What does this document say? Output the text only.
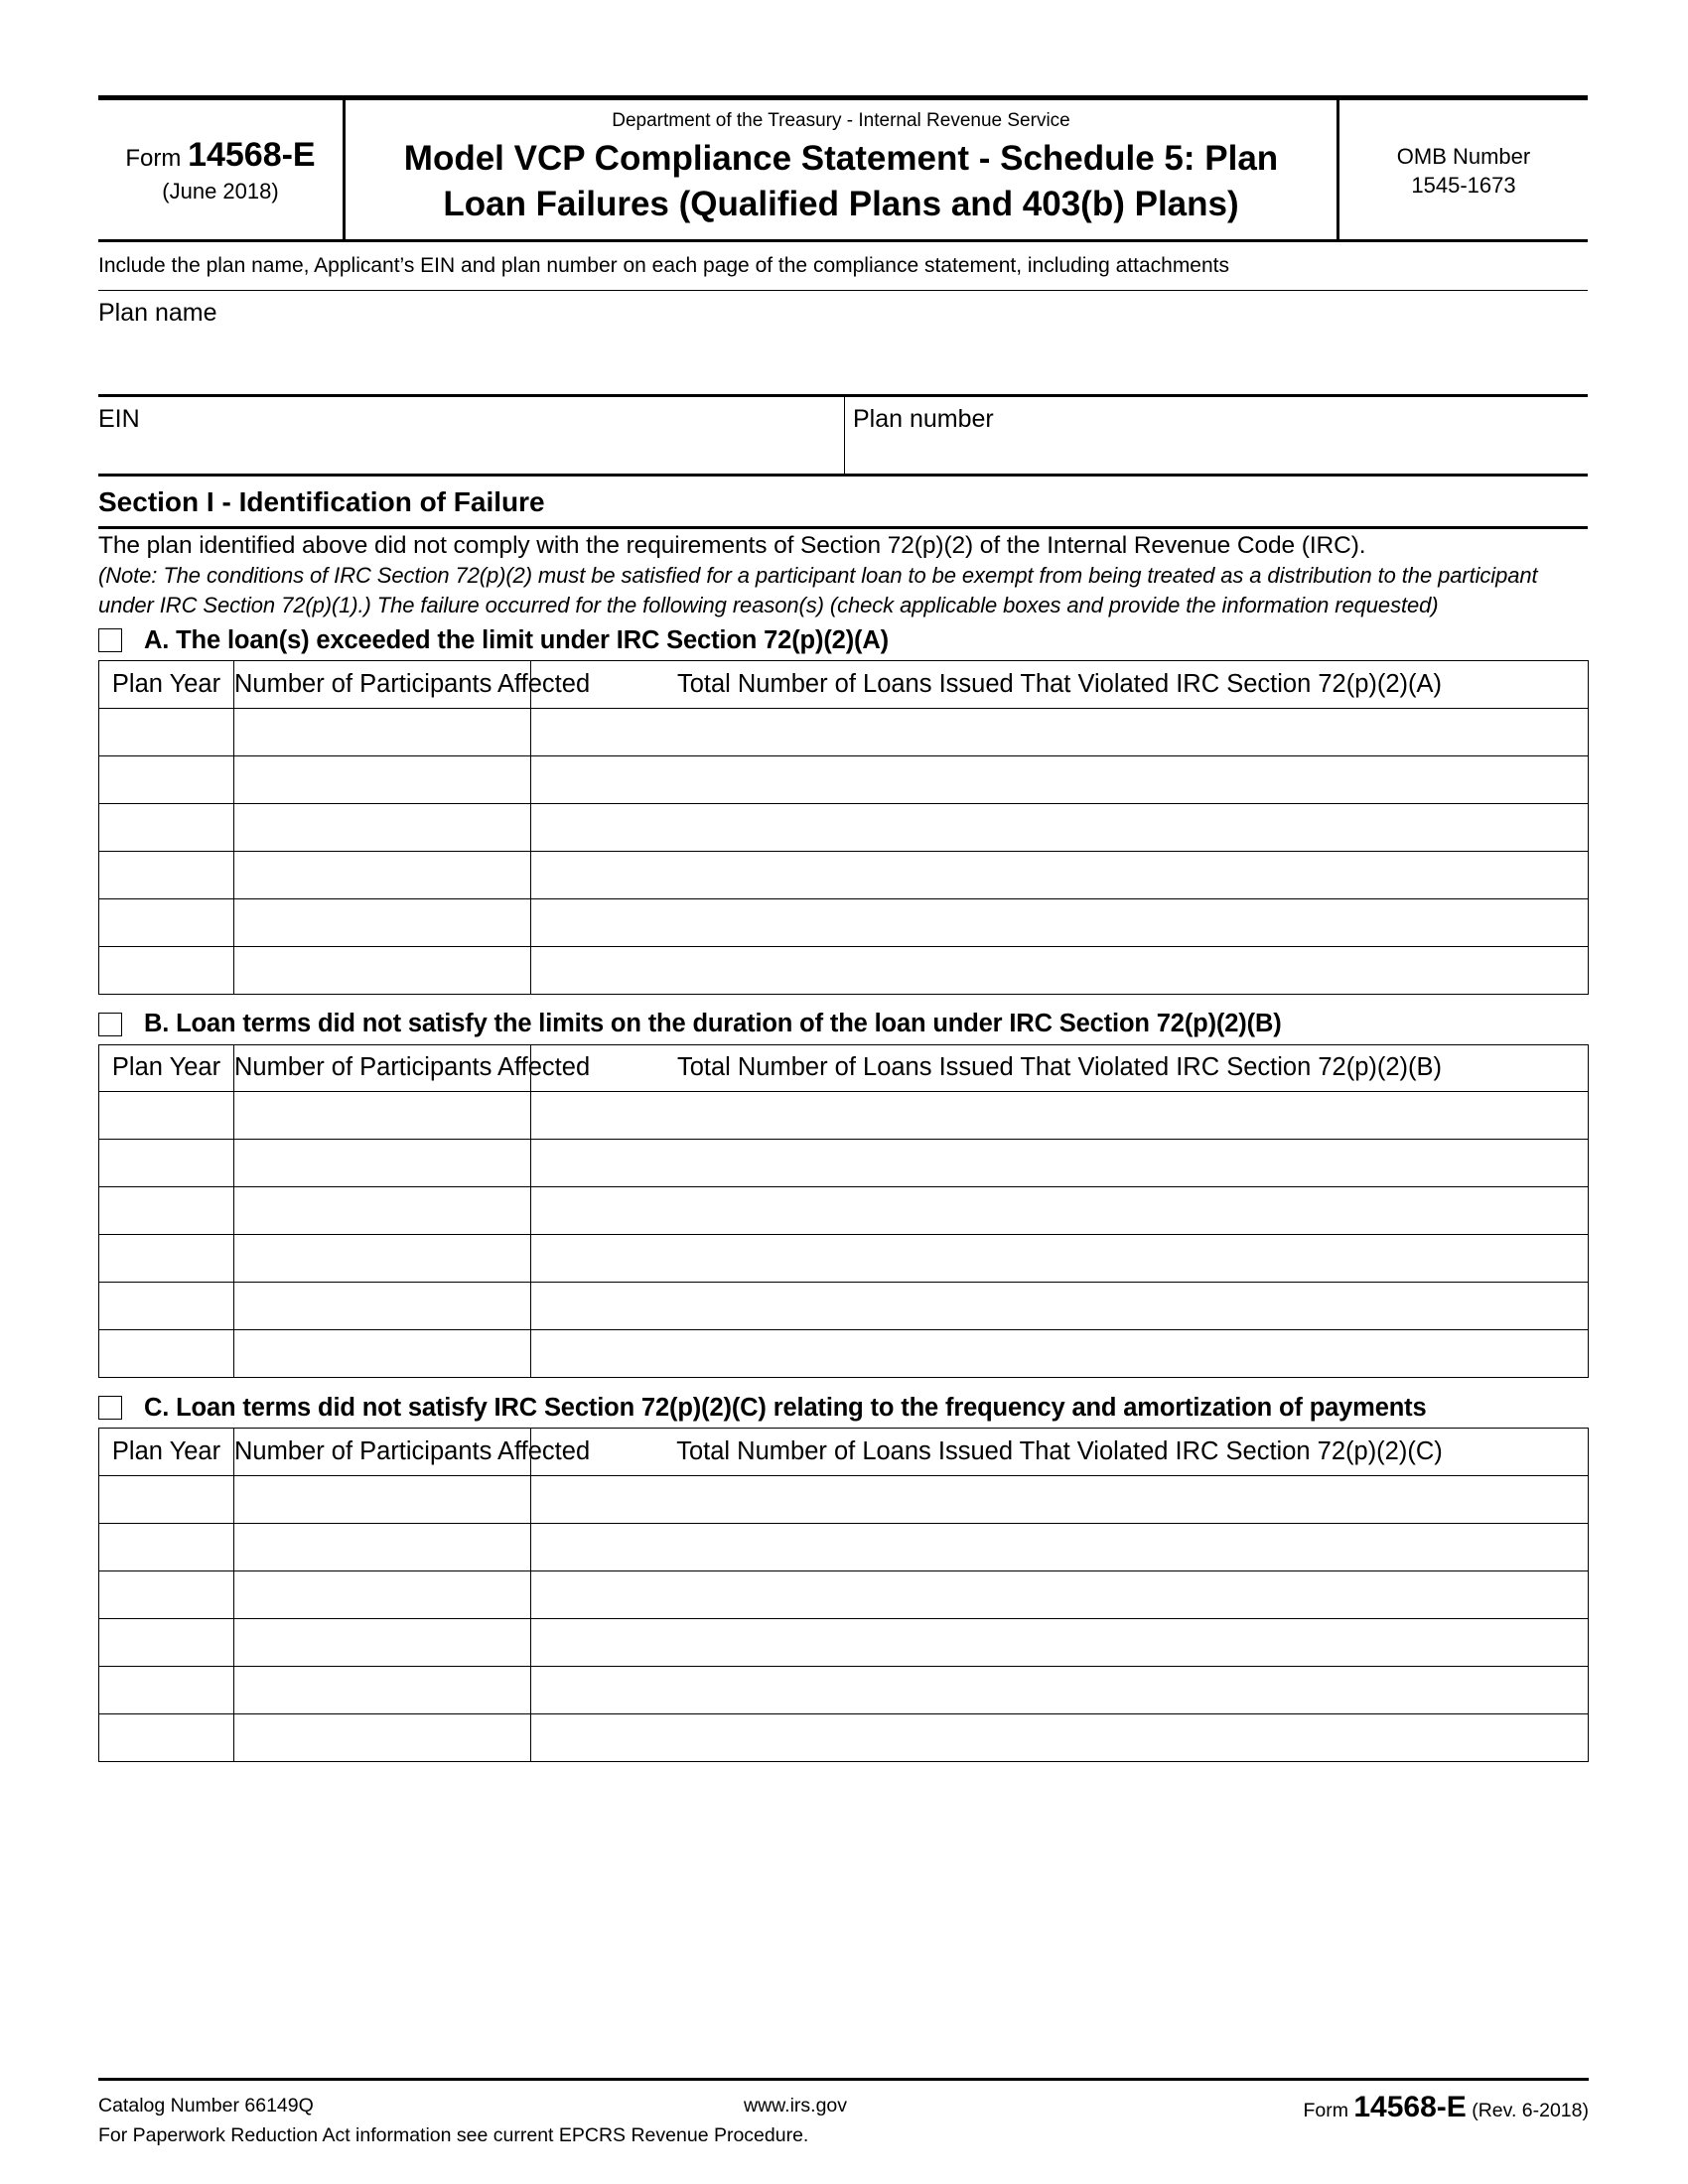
Form 14568-E
(June 2018)
Department of the Treasury - Internal Revenue Service
Model VCP Compliance Statement - Schedule 5: Plan
Loan Failures (Qualified Plans and 403(b) Plans)
OMB Number
1545-1673
Include the plan name, Applicant’s EIN and plan number on each page of the compliance statement, including attachments
Plan name
EIN	Plan number
Section I - Identification of Failure
The plan identified above did not comply with the requirements of Section 72(p)(2) of the Internal Revenue Code (IRC).
(Note: The conditions of IRC Section 72(p)(2) must be satisfied for a participant loan to be exempt from being treated as a distribution to the participant under IRC Section 72(p)(1).) The failure occurred for the following reason(s) (check applicable boxes and provide the information requested)
A. The loan(s) exceeded the limit under IRC Section 72(p)(2)(A)
Plan Year	Number of Participants Affected	Total Number of Loans Issued That Violated IRC Section 72(p)(2)(A)

B. Loan terms did not satisfy the limits on the duration of the loan under IRC Section 72(p)(2)(B)
Plan Year	Number of Participants Affected	Total Number of Loans Issued That Violated IRC Section 72(p)(2)(B)

C. Loan terms did not satisfy IRC Section 72(p)(2)(C) relating to the frequency and amortization of payments
Plan Year	Number of Participants Affected	Total Number of Loans Issued That Violated IRC Section 72(p)(2)(C)

Catalog Number 66149Q	www.irs.gov
For Paperwork Reduction Act information see current EPCRS Revenue Procedure.
Form 14568-E (Rev. 6-2018)
